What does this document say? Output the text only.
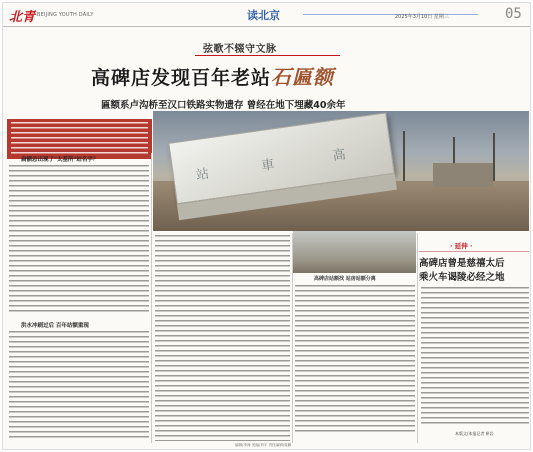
北青 BEIJING YOUTH DAILY	读北京	2025年3月10日 星期三	05
弦歌不辍守文脉
高碑店发现百年老站石匾额
匾额系卢沟桥至汉口铁路实物遗存 曾经在地下埋藏40余年
站
車
高
扁额总出现了"太基所"站名字？
洪水冲刷过后 百年站额重现
高碑店站额找 站房站额分离
· 延伸 ·
高碑店曾是慈禧太后
乘火车谒陵必经之地
本版文/本报记者 崔岩
编辑/李涛 美编/刘宇 责任编辑/周鹏
